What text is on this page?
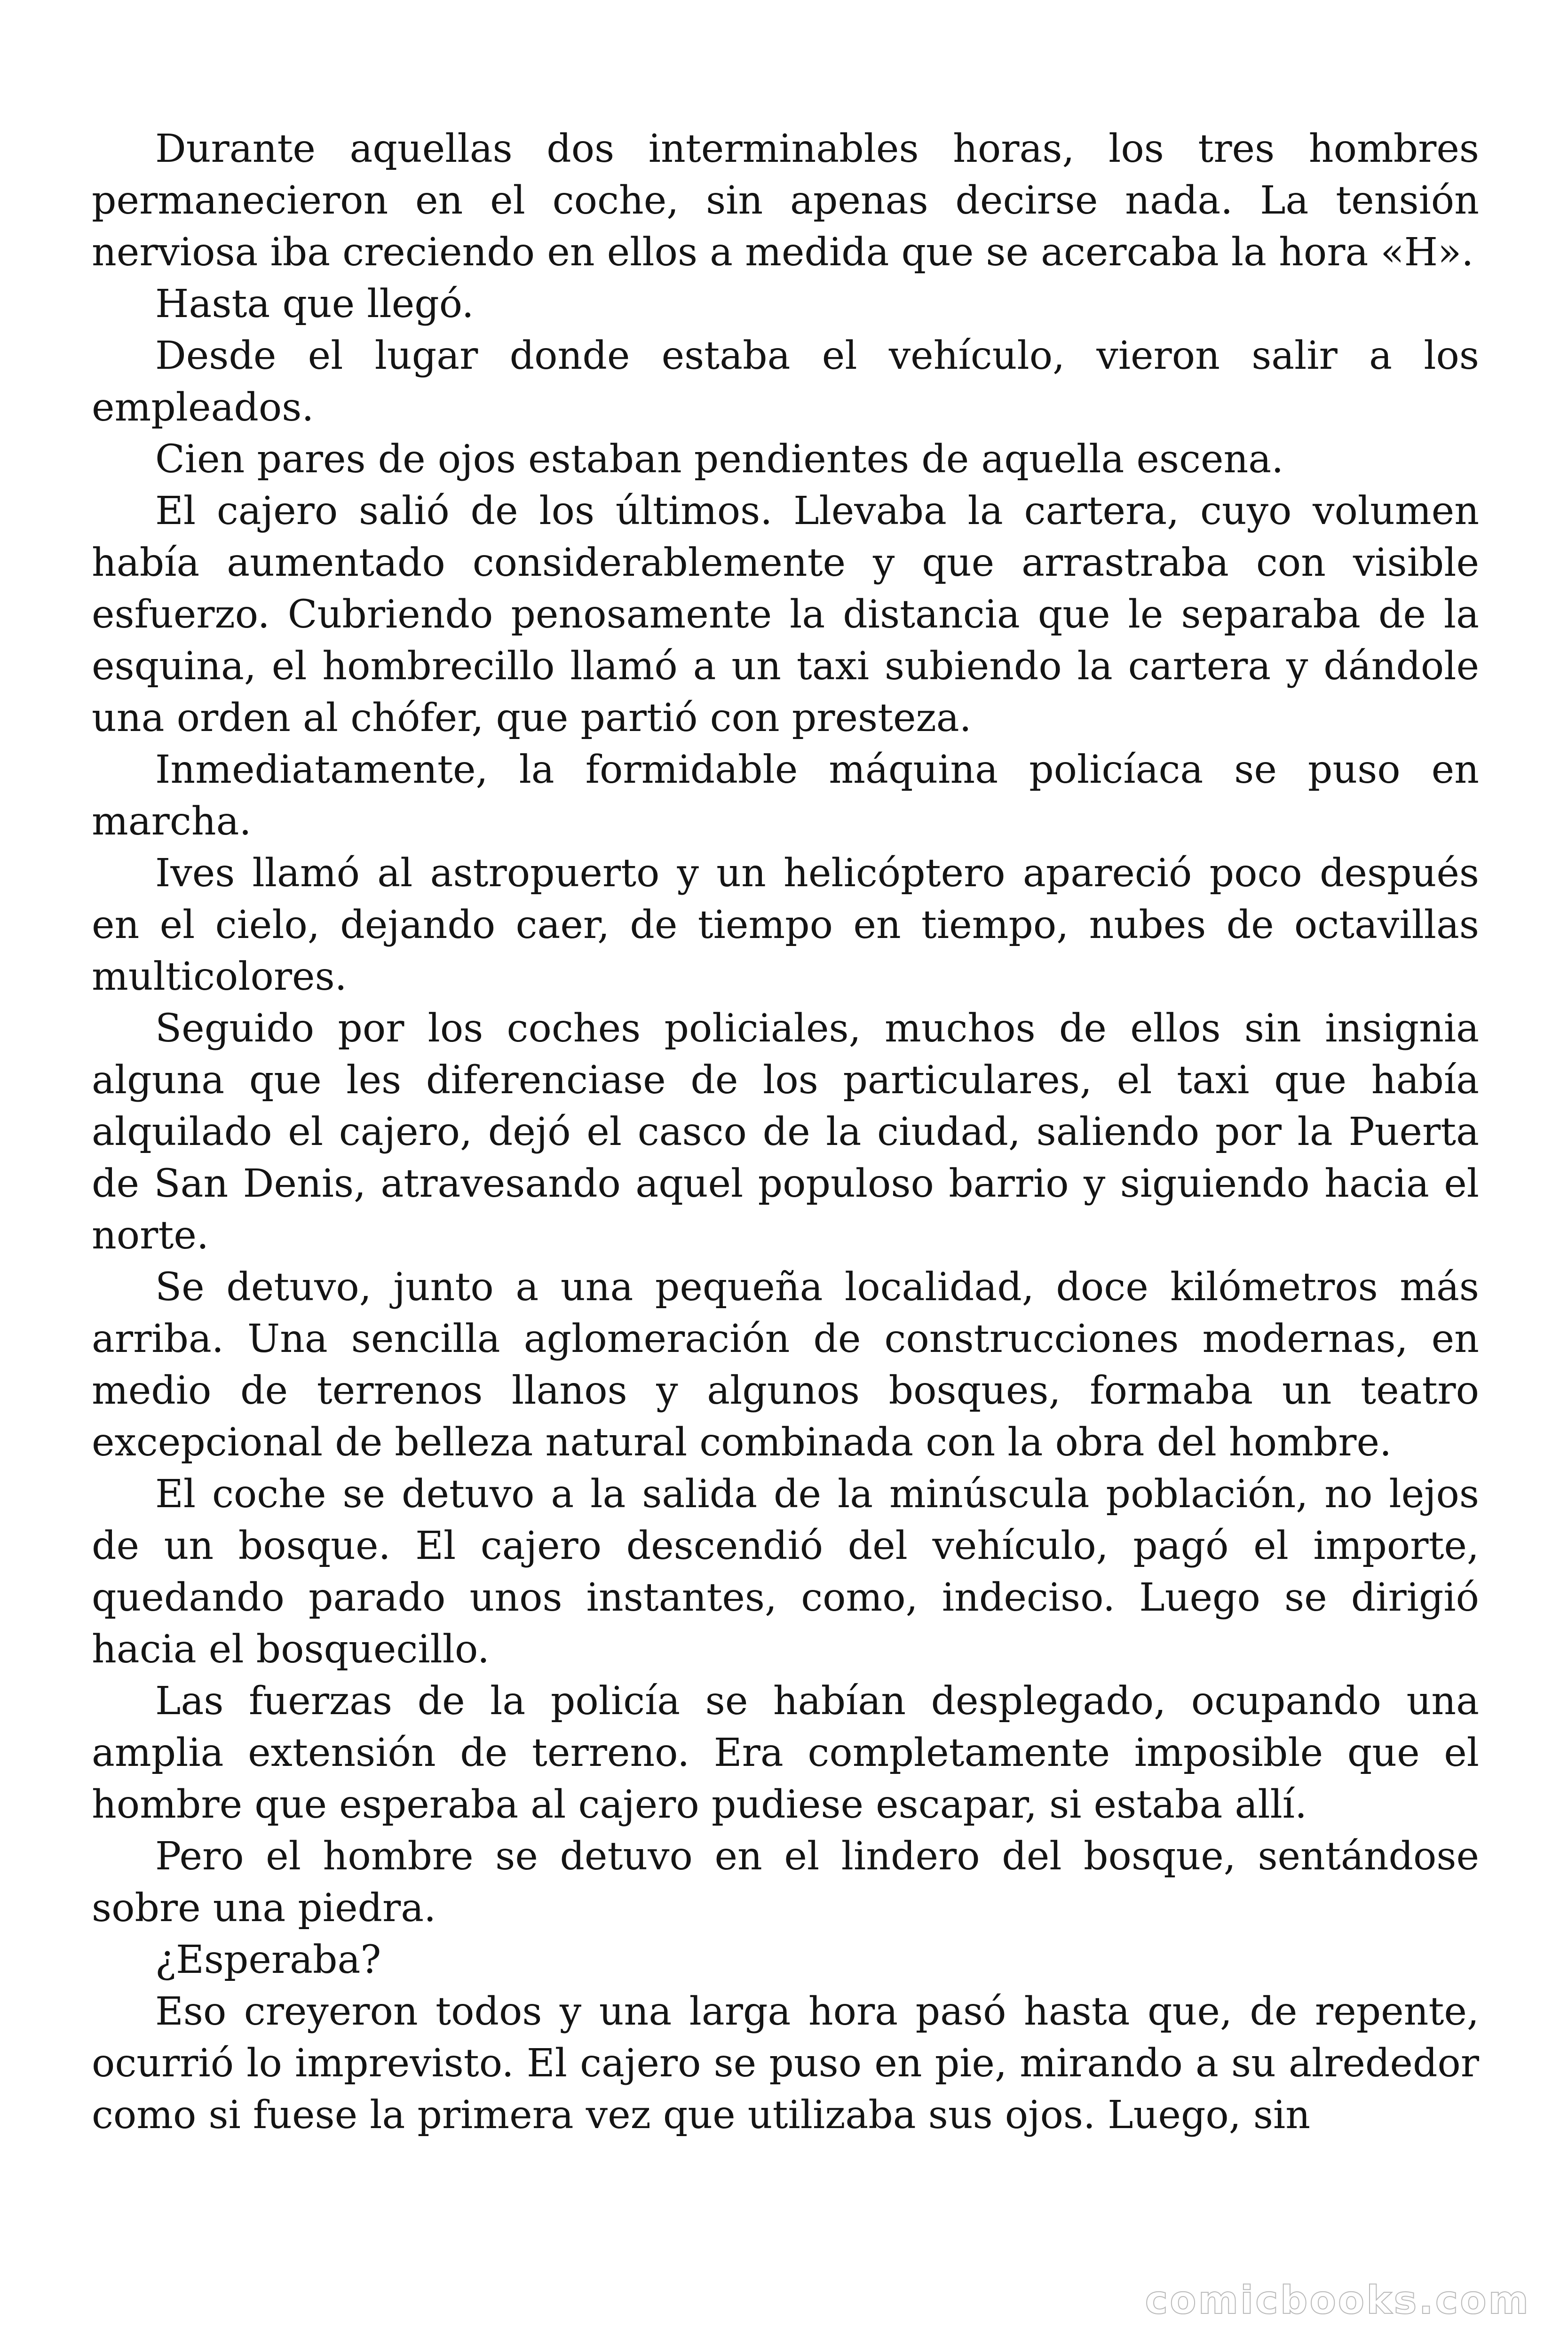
Durante aquellas dos interminables horas, los tres hombres permanecieron en el coche, sin apenas decirse nada. La tensión nerviosa iba creciendo en ellos a medida que se acercaba la hora «H».

Hasta que llegó.

Desde el lugar donde estaba el vehículo, vieron salir a los empleados.

Cien pares de ojos estaban pendientes de aquella escena.

El cajero salió de los últimos. Llevaba la cartera, cuyo volumen había aumentado considerablemente y que arrastraba con visible esfuerzo. Cubriendo penosamente la distancia que le separaba de la esquina, el hombrecillo llamó a un taxi subiendo la cartera y dándole una orden al chófer, que partió con presteza.

Inmediatamente, la formidable máquina policíaca se puso en marcha.

Ives llamó al astropuerto y un helicóptero apareció poco después en el cielo, dejando caer, de tiempo en tiempo, nubes de octavillas multicolores.

Seguido por los coches policiales, muchos de ellos sin insignia alguna que les diferenciase de los particulares, el taxi que había alquilado el cajero, dejó el casco de la ciudad, saliendo por la Puerta de San Denis, atravesando aquel populoso barrio y siguiendo hacia el norte.

Se detuvo, junto a una pequeña localidad, doce kilómetros más arriba. Una sencilla aglomeración de construcciones modernas, en medio de terrenos llanos y algunos bosques, formaba un teatro excepcional de belleza natural combinada con la obra del hombre.

El coche se detuvo a la salida de la minúscula población, no lejos de un bosque. El cajero descendió del vehículo, pagó el importe, quedando parado unos instantes, como, indeciso. Luego se dirigió hacia el bosquecillo.

Las fuerzas de la policía se habían desplegado, ocupando una amplia extensión de terreno. Era completamente imposible que el hombre que esperaba al cajero pudiese escapar, si estaba allí.

Pero el hombre se detuvo en el lindero del bosque, sentándose sobre una piedra.

¿Esperaba?

Eso creyeron todos y una larga hora pasó hasta que, de repente, ocurrió lo imprevisto. El cajero se puso en pie, mirando a su alrededor como si fuese la primera vez que utilizaba sus ojos. Luego, sin

comicbooks.com
